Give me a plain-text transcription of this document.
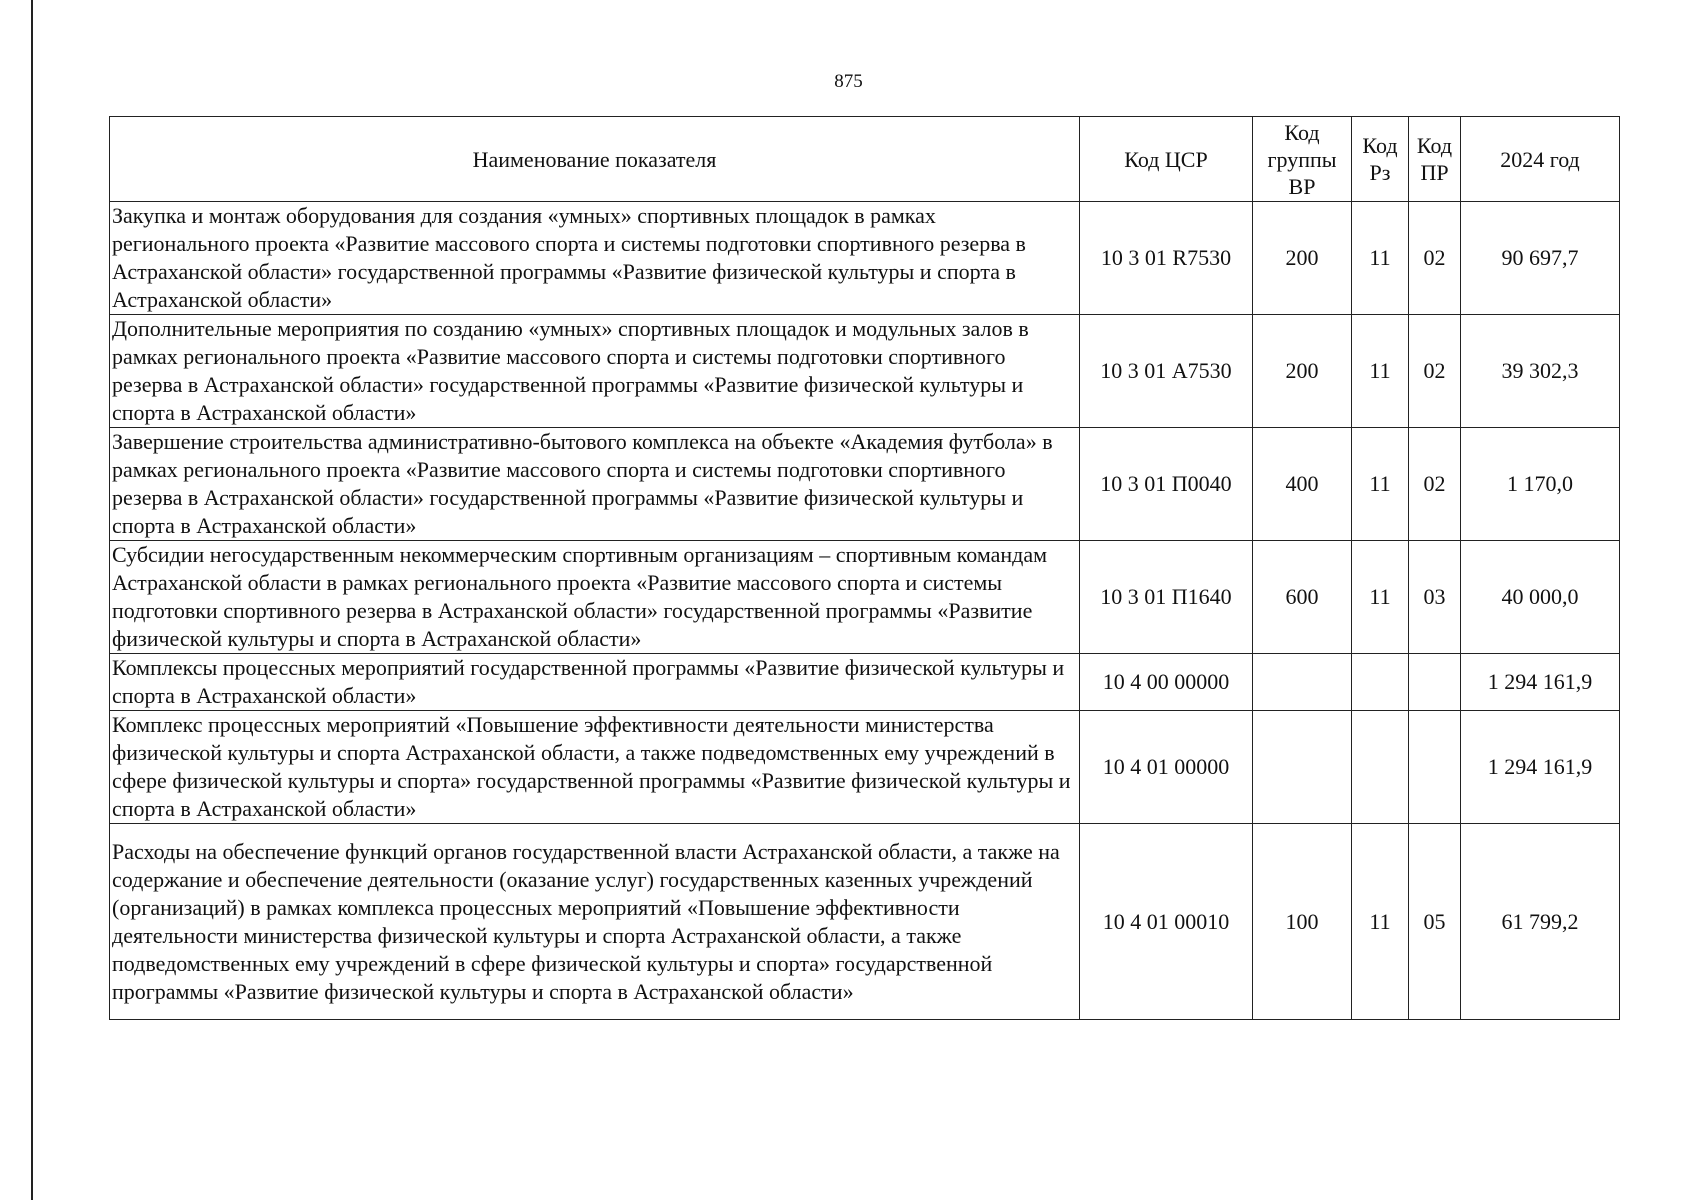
875
Наименование показателя	Код ЦСР	Код группы ВР	Код Рз	Код ПР	2024 год
Закупка и монтаж оборудования для создания «умных» спортивных площадок в рамках регионального проекта «Развитие массового спорта и системы подготовки спортивного резерва в Астраханской области» государственной программы «Развитие физической культуры и спорта в Астраханской области»	10 3 01 R7530	200	11	02	90 697,7
Дополнительные мероприятия по созданию «умных» спортивных площадок и модульных залов в рамках регионального проекта «Развитие массового спорта и системы подготовки спортивного резерва в Астраханской области» государственной программы «Развитие физической культуры и спорта в Астраханской области»	10 3 01 А7530	200	11	02	39 302,3
Завершение строительства административно-бытового комплекса на объекте «Академия футбола» в рамках регионального проекта «Развитие массового спорта и системы подготовки спортивного резерва в Астраханской области» государственной программы «Развитие физической культуры и спорта в Астраханской области»	10 3 01 П0040	400	11	02	1 170,0
Субсидии негосударственным некоммерческим спортивным организациям – спортивным командам Астраханской области в рамках регионального проекта «Развитие массового спорта и системы подготовки спортивного резерва в Астраханской области» государственной программы «Развитие физической культуры и спорта в Астраханской области»	10 3 01 П1640	600	11	03	40 000,0
Комплексы процессных мероприятий государственной программы «Развитие физической культуры и спорта в Астраханской области»	10 4 00 00000				1 294 161,9
Комплекс процессных мероприятий «Повышение эффективности деятельности министерства физической культуры и спорта Астраханской области, а также подведомственных ему учреждений в сфере физической культуры и спорта» государственной программы «Развитие физической культуры и спорта в Астраханской области»	10 4 01 00000				1 294 161,9
Расходы на обеспечение функций органов государственной власти Астраханской области, а также на содержание и обеспечение деятельности (оказание услуг) государственных казенных учреждений (организаций) в рамках комплекса процессных мероприятий «Повышение эффективности деятельности министерства физической культуры и спорта Астраханской области, а также подведомственных ему учреждений в сфере физической культуры и спорта» государственной программы «Развитие физической культуры и спорта в Астраханской области»	10 4 01 00010	100	11	05	61 799,2
